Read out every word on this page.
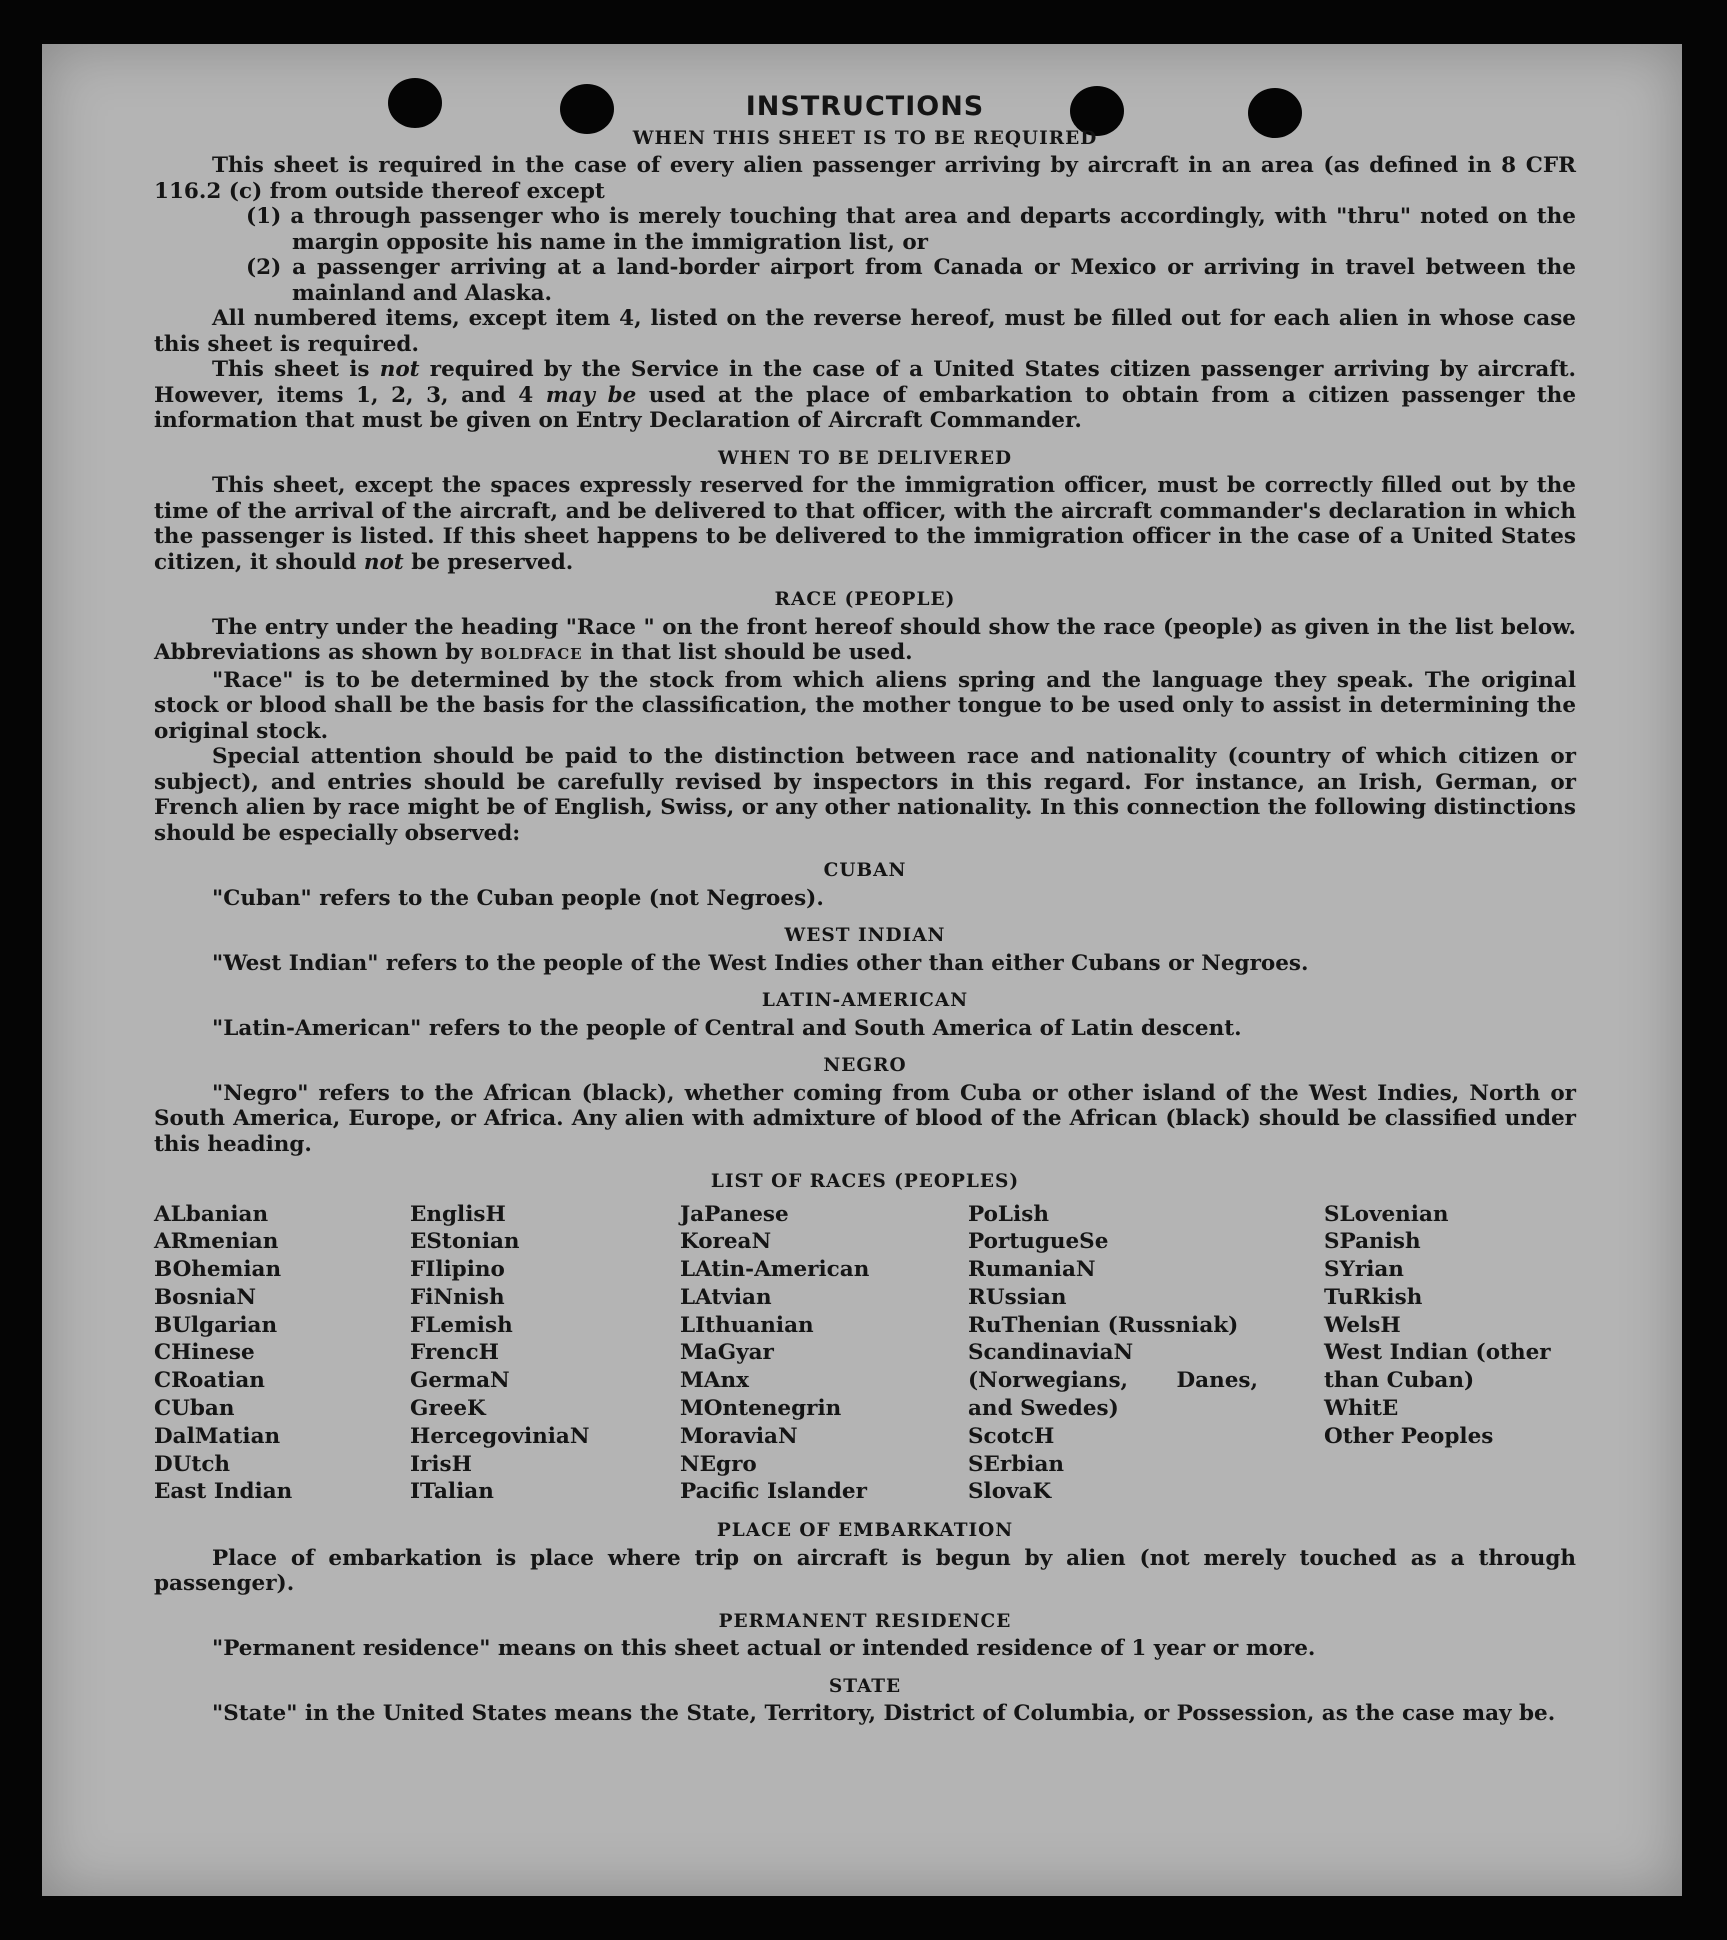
INSTRUCTIONS
WHEN THIS SHEET IS TO BE REQUIRED

This sheet is required in the case of every alien passenger arriving by aircraft in an area (as defined in 8 CFR 116.2 (c) from outside thereof except

(1) a through passenger who is merely touching that area and departs accordingly, with "thru" noted on the margin opposite his name in the immigration list, or

(2) a passenger arriving at a land-border airport from Canada or Mexico or arriving in travel between the mainland and Alaska.

All numbered items, except item 4, listed on the reverse hereof, must be filled out for each alien in whose case this sheet is required.

This sheet is not required by the Service in the case of a United States citizen passenger arriving by aircraft. However, items 1, 2, 3, and 4 may be used at the place of embarkation to obtain from a citizen passenger the information that must be given on Entry Declaration of Aircraft Commander.

WHEN TO BE DELIVERED

This sheet, except the spaces expressly reserved for the immigration officer, must be correctly filled out by the time of the arrival of the aircraft, and be delivered to that officer, with the aircraft commander's declaration in which the passenger is listed. If this sheet happens to be delivered to the immigration officer in the case of a United States citizen, it should not be preserved.

RACE (PEOPLE)

The entry under the heading "Race " on the front hereof should show the race (people) as given in the list below. Abbreviations as shown by BOLDFACE in that list should be used.

"Race" is to be determined by the stock from which aliens spring and the language they speak. The original stock or blood shall be the basis for the classification, the mother tongue to be used only to assist in determining the original stock.

Special attention should be paid to the distinction between race and nationality (country of which citizen or subject), and entries should be carefully revised by inspectors in this regard. For instance, an Irish, German, or French alien by race might be of English, Swiss, or any other nationality. In this connection the following distinctions should be especially observed:

CUBAN

"Cuban" refers to the Cuban people (not Negroes).

WEST INDIAN

"West Indian" refers to the people of the West Indies other than either Cubans or Negroes.

LATIN-AMERICAN

"Latin-American" refers to the people of Central and South America of Latin descent.

NEGRO

"Negro" refers to the African (black), whether coming from Cuba or other island of the West Indies, North or South America, Europe, or Africa. Any alien with admixture of blood of the African (black) should be classified under this heading.

LIST OF RACES (PEOPLES)
ALbanian
ARmenian
BOhemian
BosniaN
BUlgarian
CHinese
CRoatian
CUban
DalMatian
DUtch
East Indian
EnglisH
EStonian
FIlipino
FiNnish
FLemish
FrencH
GermaN
GreeK
HercegoviniaN
IrisH
ITalian
JaPanese
KoreaN
LAtin-American
LAtvian
LIthuanian
MaGyar
MAnx
MOntenegrin
MoraviaN
NEgro
Pacific Islander
PoLish
PortugueSe
RumaniaN
RUssian
RuThenian (Russniak)
ScandinaviaN (Norwegians, Danes, and Swedes)
ScotcH
SErbian
SlovaK
SLovenian
SPanish
SYrian
TuRkish
WelsH
West Indian (other than Cuban)
WhitE
Other Peoples
PLACE OF EMBARKATION

Place of embarkation is place where trip on aircraft is begun by alien (not merely touched as a through passenger).

PERMANENT RESIDENCE

"Permanent residence" means on this sheet actual or intended residence of 1 year or more.

STATE

"State" in the United States means the State, Territory, District of Columbia, or Possession, as the case may be.
